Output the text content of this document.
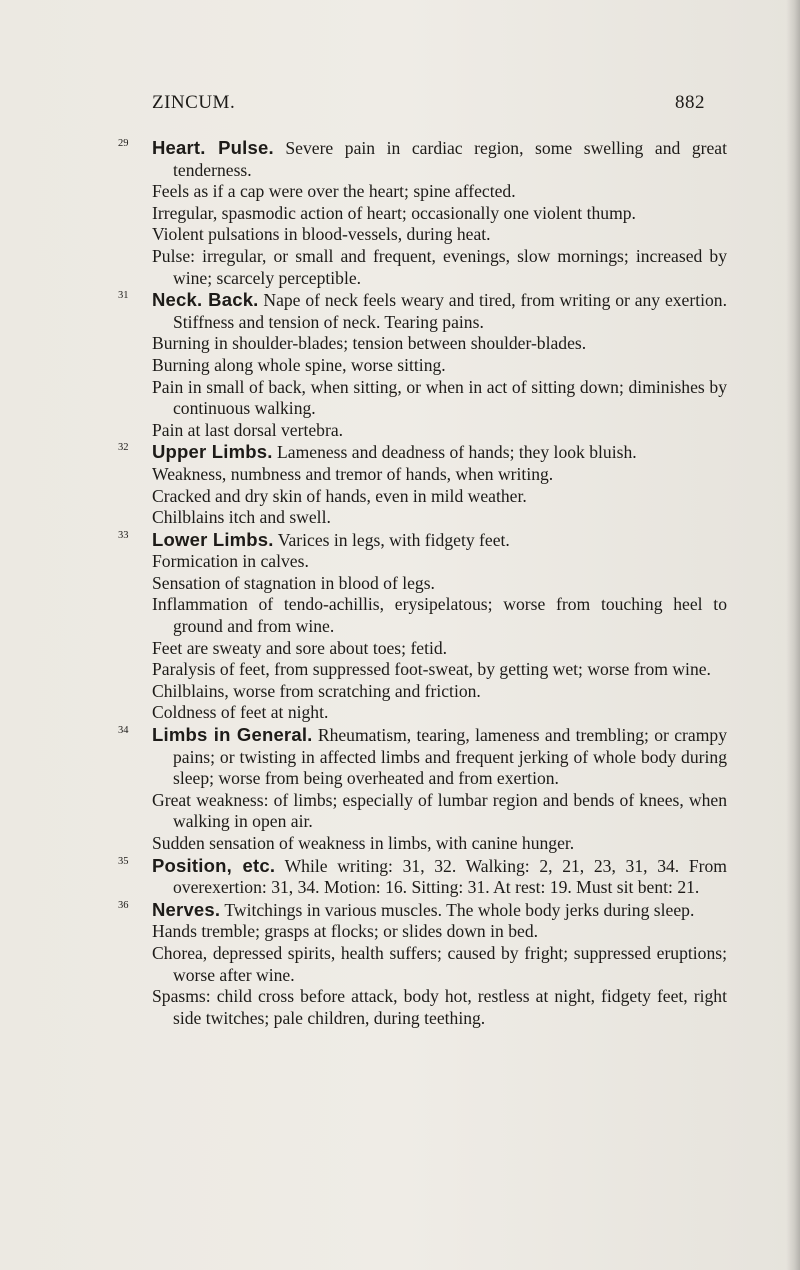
ZINCUM.	882

29	Heart. Pulse. Severe pain in cardiac region, some swelling and great tenderness.

Feels as if a cap were over the heart; spine affected.

Irregular, spasmodic action of heart; occasionally one violent thump.

Violent pulsations in blood-vessels, during heat.

Pulse: irregular, or small and frequent, evenings, slow mornings; increased by wine; scarcely perceptible.

31	Neck. Back. Nape of neck feels weary and tired, from writing or any exertion. Stiffness and tension of neck. Tearing pains.

Burning in shoulder-blades; tension between shoulder-blades.

Burning along whole spine, worse sitting.

Pain in small of back, when sitting, or when in act of sitting down; diminishes by continuous walking.

Pain at last dorsal vertebra.

32	Upper Limbs. Lameness and deadness of hands; they look bluish.

Weakness, numbness and tremor of hands, when writing.

Cracked and dry skin of hands, even in mild weather.

Chilblains itch and swell.

33	Lower Limbs. Varices in legs, with fidgety feet.

Formication in calves.

Sensation of stagnation in blood of legs.

Inflammation of tendo-achillis, erysipelatous; worse from touching heel to ground and from wine.

Feet are sweaty and sore about toes; fetid.

Paralysis of feet, from suppressed foot-sweat, by getting wet; worse from wine.

Chilblains, worse from scratching and friction.

Coldness of feet at night.

34	Limbs in General. Rheumatism, tearing, lameness and trembling; or crampy pains; or twisting in affected limbs and frequent jerking of whole body during sleep; worse from being overheated and from exertion.

Great weakness: of limbs; especially of lumbar region and bends of knees, when walking in open air.

Sudden sensation of weakness in limbs, with canine hunger.

35	Position, etc. While writing: 31, 32. Walking: 2, 21, 23, 31, 34. From overexertion: 31, 34. Motion: 16. Sitting: 31. At rest: 19. Must sit bent: 21.

36	Nerves. Twitchings in various muscles. The whole body jerks during sleep.

Hands tremble; grasps at flocks; or slides down in bed.

Chorea, depressed spirits, health suffers; caused by fright; suppressed eruptions; worse after wine.

Spasms: child cross before attack, body hot, restless at night, fidgety feet, right side twitches; pale children, during teething.
